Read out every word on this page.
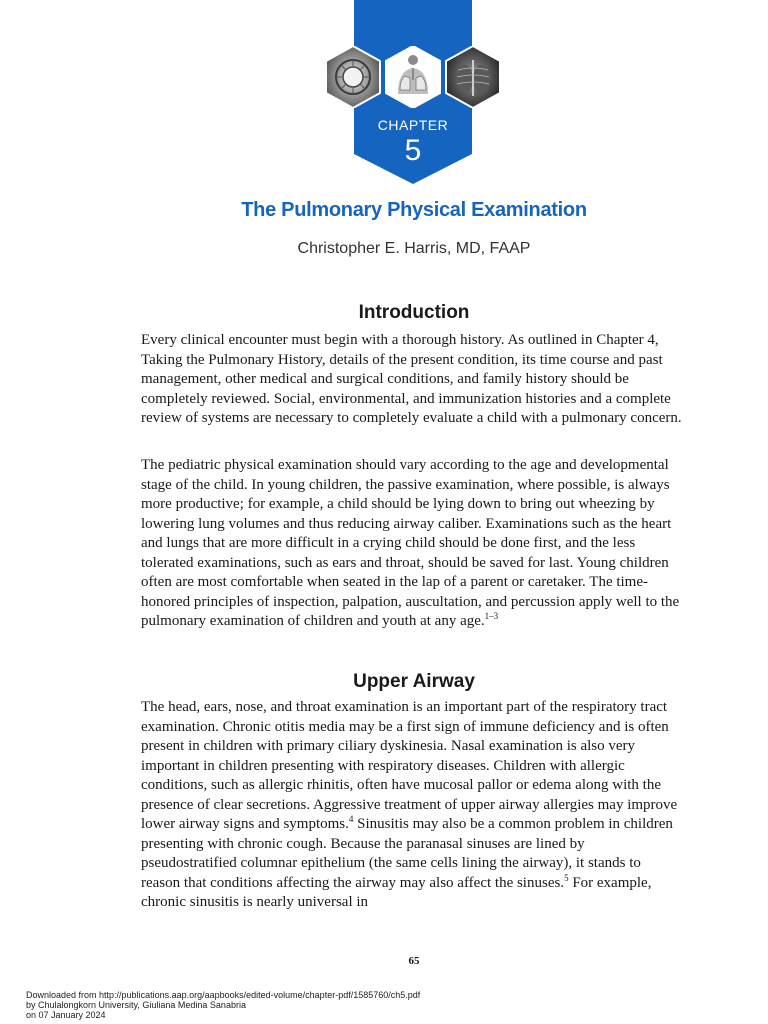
CHAPTER
5
The Pulmonary Physical Examination
Christopher E. Harris, MD, FAAP
Introduction

Every clinical encounter must begin with a thorough history. As outlined in Chapter 4, Taking the Pulmonary History, details of the present condition, its time course and past management, other medical and surgical conditions, and family history should be completely reviewed. Social, environmental, and immunization histories and a complete review of systems are necessary to completely evaluate a child with a pulmonary concern.

The pediatric physical examination should vary according to the age and developmental stage of the child. In young children, the passive examination, where possible, is always more productive; for example, a child should be lying down to bring out wheezing by lowering lung volumes and thus reducing airway caliber. Examinations such as the heart and lungs that are more difficult in a crying child should be done first, and the less tolerated examinations, such as ears and throat, should be saved for last. Young children often are most comfortable when seated in the lap of a parent or caretaker. The time- honored principles of inspection, palpation, auscultation, and percussion apply well to the pulmonary examination of children and youth at any age.$^{1-3}$

Upper Airway

The head, ears, nose, and throat examination is an important part of the respiratory tract examination. Chronic otitis media may be a first sign of immune deficiency and is often present in children with primary ciliary dyskinesia. Nasal examination is also very important in children presenting with respiratory diseases. Children with allergic conditions, such as allergic rhinitis, often have mucosal pallor or edema along with the presence of clear secretions. Aggressive treatment of upper airway allergies may improve lower airway signs and symptoms.$^4$ Sinusitis may also be a common problem in children presenting with chronic cough. Because the paranasal sinuses are lined by pseudostratified columnar epithelium (the same cells lining the airway), it stands to reason that conditions affecting the airway may also affect the sinuses.$^5$ For example, chronic sinusitis is nearly universal in

65
Downloaded from http://publications.aap.org/aapbooks/edited-volume/chapter-pdf/1585760/ch5.pdf
by Chulalongkorn University, Giuliana Medina Sanabria
on 07 January 2024
